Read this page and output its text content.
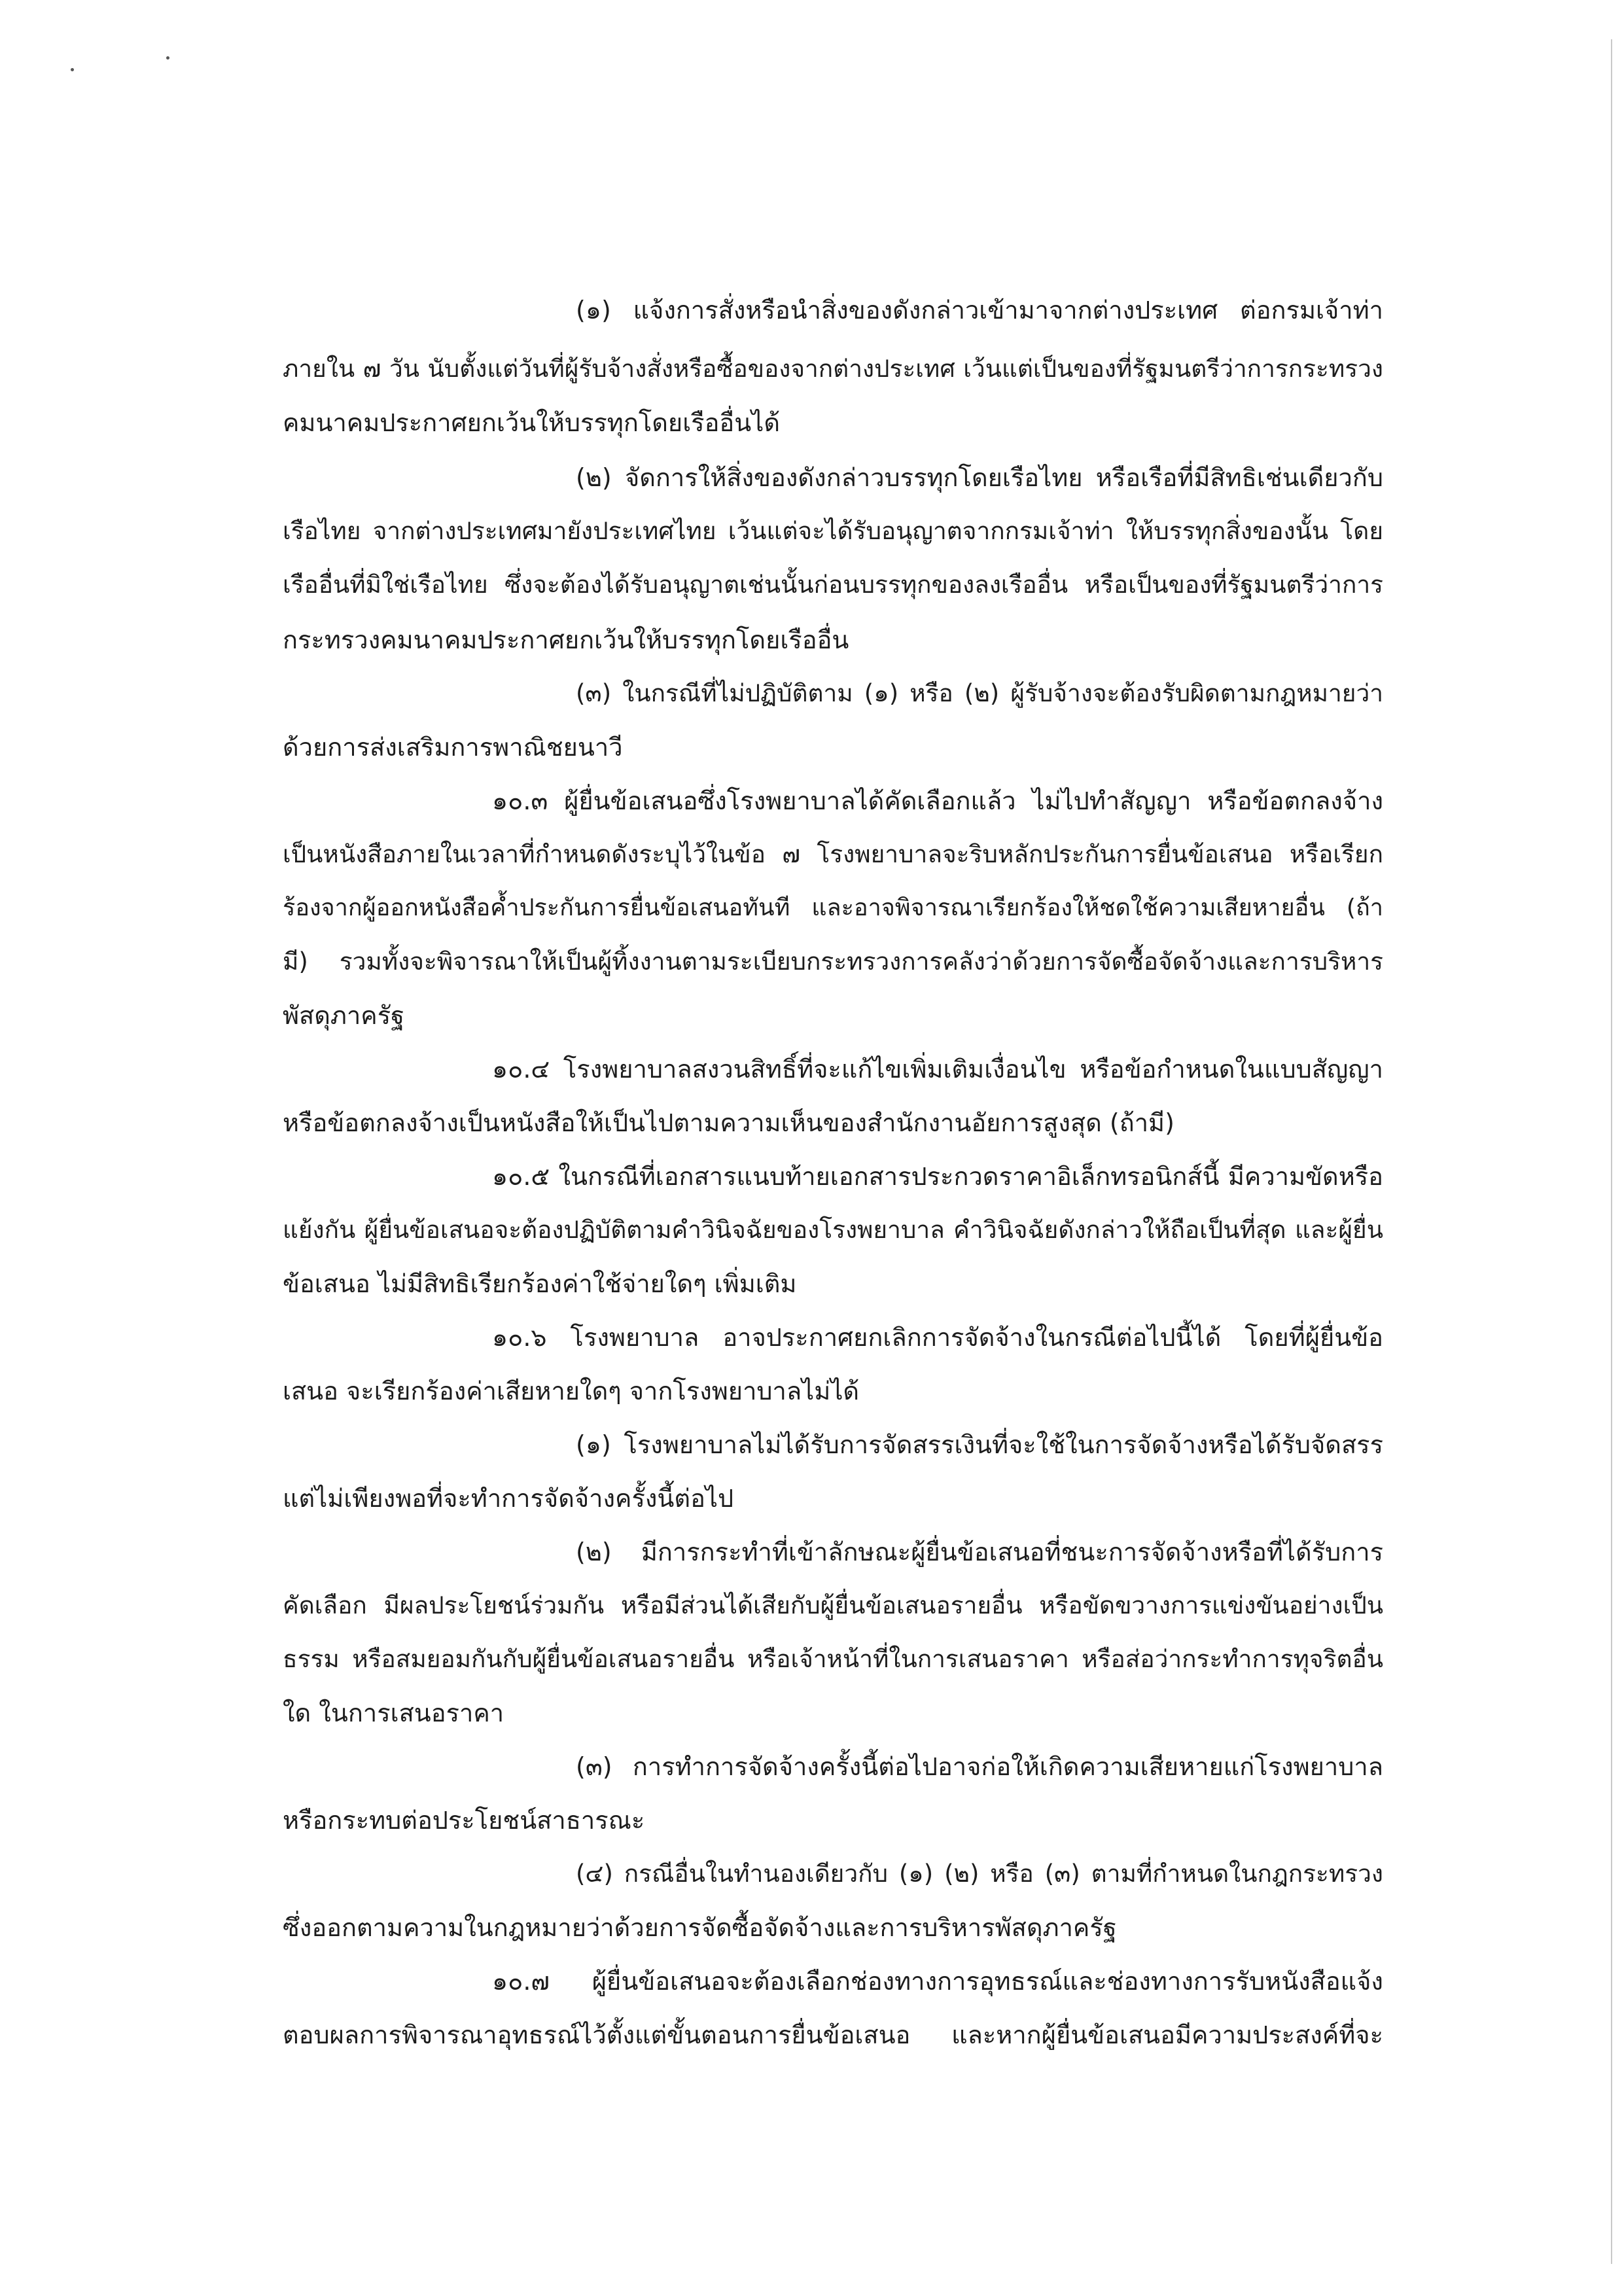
(๑) แจ้งการสั่งหรือนำสิ่งของดังกล่าวเข้ามาจากต่างประเทศ ต่อกรมเจ้าท่า
ภายใน ๗ วัน นับตั้งแต่วันที่ผู้รับจ้างสั่งหรือซื้อของจากต่างประเทศ เว้นแต่เป็นของที่รัฐมนตรีว่าการกระทรวง
คมนาคมประกาศยกเว้นให้บรรทุกโดยเรืออื่นได้
(๒) จัดการให้สิ่งของดังกล่าวบรรทุกโดยเรือไทย หรือเรือที่มีสิทธิเช่นเดียวกับ
เรือไทย จากต่างประเทศมายังประเทศไทย เว้นแต่จะได้รับอนุญาตจากกรมเจ้าท่า ให้บรรทุกสิ่งของนั้น โดย
เรืออื่นที่มิใช่เรือไทย ซึ่งจะต้องได้รับอนุญาตเช่นนั้นก่อนบรรทุกของลงเรืออื่น หรือเป็นของที่รัฐมนตรีว่าการ
กระทรวงคมนาคมประกาศยกเว้นให้บรรทุกโดยเรืออื่น
(๓) ในกรณีที่ไม่ปฏิบัติตาม (๑) หรือ (๒) ผู้รับจ้างจะต้องรับผิดตามกฎหมายว่า
ด้วยการส่งเสริมการพาณิชยนาวี
๑๐.๓ ผู้ยื่นข้อเสนอซึ่งโรงพยาบาลได้คัดเลือกแล้ว ไม่ไปทำสัญญา หรือข้อตกลงจ้าง
เป็นหนังสือภายในเวลาที่กำหนดดังระบุไว้ในข้อ ๗ โรงพยาบาลจะริบหลักประกันการยื่นข้อเสนอ หรือเรียก
ร้องจากผู้ออกหนังสือค้ำประกันการยื่นข้อเสนอทันที และอาจพิจารณาเรียกร้องให้ชดใช้ความเสียหายอื่น (ถ้า
มี) รวมทั้งจะพิจารณาให้เป็นผู้ทิ้งงานตามระเบียบกระทรวงการคลังว่าด้วยการจัดซื้อจัดจ้างและการบริหาร
พัสดุภาครัฐ
๑๐.๔ โรงพยาบาลสงวนสิทธิ์ที่จะแก้ไขเพิ่มเติมเงื่อนไข หรือข้อกำหนดในแบบสัญญา
หรือข้อตกลงจ้างเป็นหนังสือให้เป็นไปตามความเห็นของสำนักงานอัยการสูงสุด (ถ้ามี)
๑๐.๕ ในกรณีที่เอกสารแนบท้ายเอกสารประกวดราคาอิเล็กทรอนิกส์นี้ มีความขัดหรือ
แย้งกัน ผู้ยื่นข้อเสนอจะต้องปฏิบัติตามคำวินิจฉัยของโรงพยาบาล คำวินิจฉัยดังกล่าวให้ถือเป็นที่สุด และผู้ยื่น
ข้อเสนอ ไม่มีสิทธิเรียกร้องค่าใช้จ่ายใดๆ เพิ่มเติม
๑๐.๖ โรงพยาบาล อาจประกาศยกเลิกการจัดจ้างในกรณีต่อไปนี้ได้ โดยที่ผู้ยื่นข้อ
เสนอ จะเรียกร้องค่าเสียหายใดๆ จากโรงพยาบาลไม่ได้
(๑) โรงพยาบาลไม่ได้รับการจัดสรรเงินที่จะใช้ในการจัดจ้างหรือได้รับจัดสรร
แต่ไม่เพียงพอที่จะทำการจัดจ้างครั้งนี้ต่อไป
(๒) มีการกระทำที่เข้าลักษณะผู้ยื่นข้อเสนอที่ชนะการจัดจ้างหรือที่ได้รับการ
คัดเลือก มีผลประโยชน์ร่วมกัน หรือมีส่วนได้เสียกับผู้ยื่นข้อเสนอรายอื่น หรือขัดขวางการแข่งขันอย่างเป็น
ธรรม หรือสมยอมกันกับผู้ยื่นข้อเสนอรายอื่น หรือเจ้าหน้าที่ในการเสนอราคา หรือส่อว่ากระทำการทุจริตอื่น
ใด ในการเสนอราคา
(๓) การทำการจัดจ้างครั้งนี้ต่อไปอาจก่อให้เกิดความเสียหายแก่โรงพยาบาล
หรือกระทบต่อประโยชน์สาธารณะ
(๔) กรณีอื่นในทำนองเดียวกับ (๑) (๒) หรือ (๓) ตามที่กำหนดในกฎกระทรวง
ซึ่งออกตามความในกฎหมายว่าด้วยการจัดซื้อจัดจ้างและการบริหารพัสดุภาครัฐ
๑๐.๗ ผู้ยื่นข้อเสนอจะต้องเลือกช่องทางการอุทธรณ์และช่องทางการรับหนังสือแจ้ง
ตอบผลการพิจารณาอุทธรณ์ไว้ตั้งแต่ขั้นตอนการยื่นข้อเสนอ และหากผู้ยื่นข้อเสนอมีความประสงค์ที่จะ
